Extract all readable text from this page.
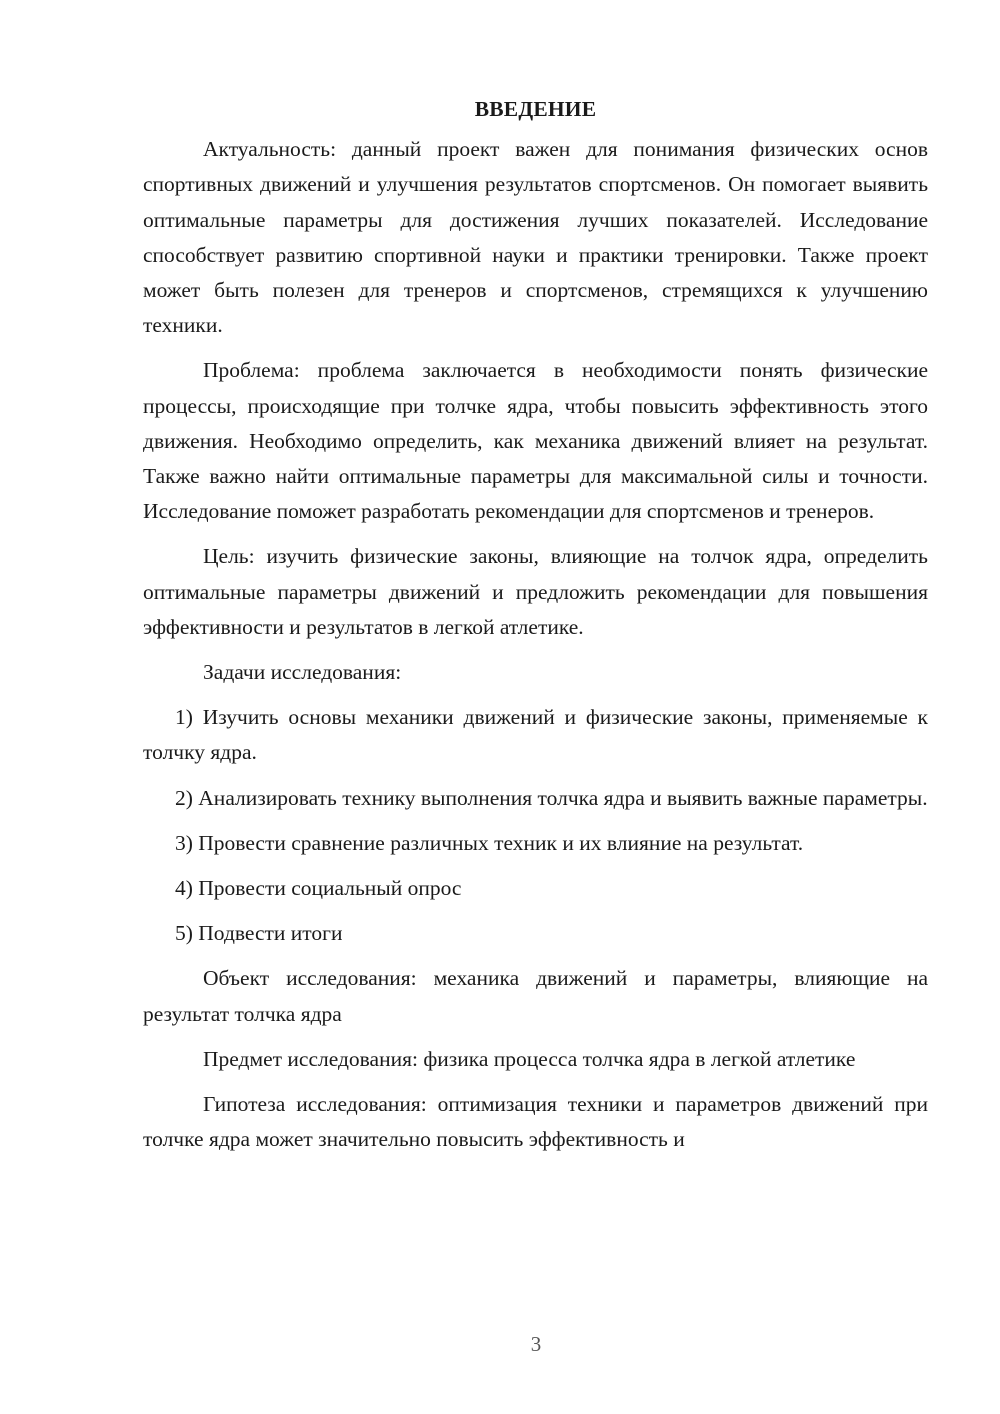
ВВЕДЕНИЕ

Актуальность: данный проект важен для понимания физических основ спортивных движений и улучшения результатов спортсменов. Он помогает выявить оптимальные параметры для достижения лучших показателей. Исследование способствует развитию спортивной науки и практики тренировки. Также проект может быть полезен для тренеров и спортсменов, стремящихся к улучшению техники.

Проблема: проблема заключается в необходимости понять физические процессы, происходящие при толчке ядра, чтобы повысить эффективность этого движения. Необходимо определить, как механика движений влияет на результат. Также важно найти оптимальные параметры для максимальной силы и точности. Исследование поможет разработать рекомендации для спортсменов и тренеров.

Цель: изучить физические законы, влияющие на толчок ядра, определить оптимальные параметры движений и предложить рекомендации для повышения эффективности и результатов в легкой атлетике.

Задачи исследования:

1) Изучить основы механики движений и физические законы, применяемые к толчку ядра.

2) Анализировать технику выполнения толчка ядра и выявить важные параметры.

3) Провести сравнение различных техник и их влияние на результат.

4) Провести социальный опрос

5) Подвести итоги

Объект исследования: механика движений и параметры, влияющие на результат толчка ядра

Предмет исследования: физика процесса толчка ядра в легкой атлетике

Гипотеза исследования: оптимизация техники и параметров движений при толчке ядра может значительно повысить эффективность и

3
